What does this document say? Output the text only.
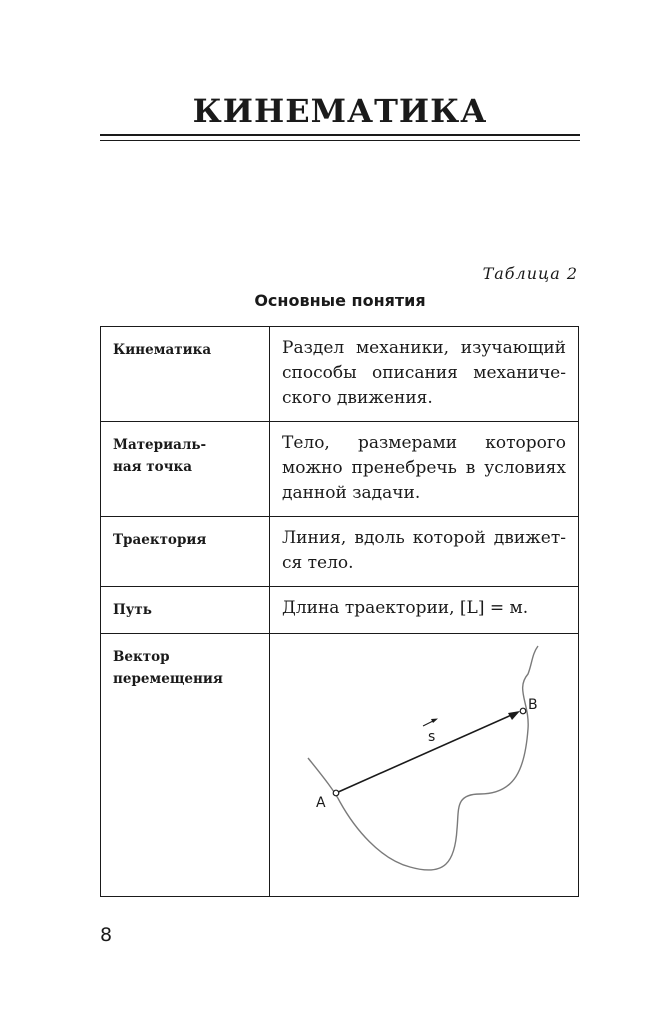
КИНЕМАТИКА
Таблица 2
Основные понятия
Кинематика	Раздел механики, изучающий
способы описания механиче-
ского движения.

Материаль-
ная точка	Тело, размерами которого
можно пренебречь в условиях
данной задачи.

Траектория	Линия, вдоль которой движет-
ся тело.

Путь	Длина траектории, [L] = м.

Вектор
перемещения	A
B
s
8
